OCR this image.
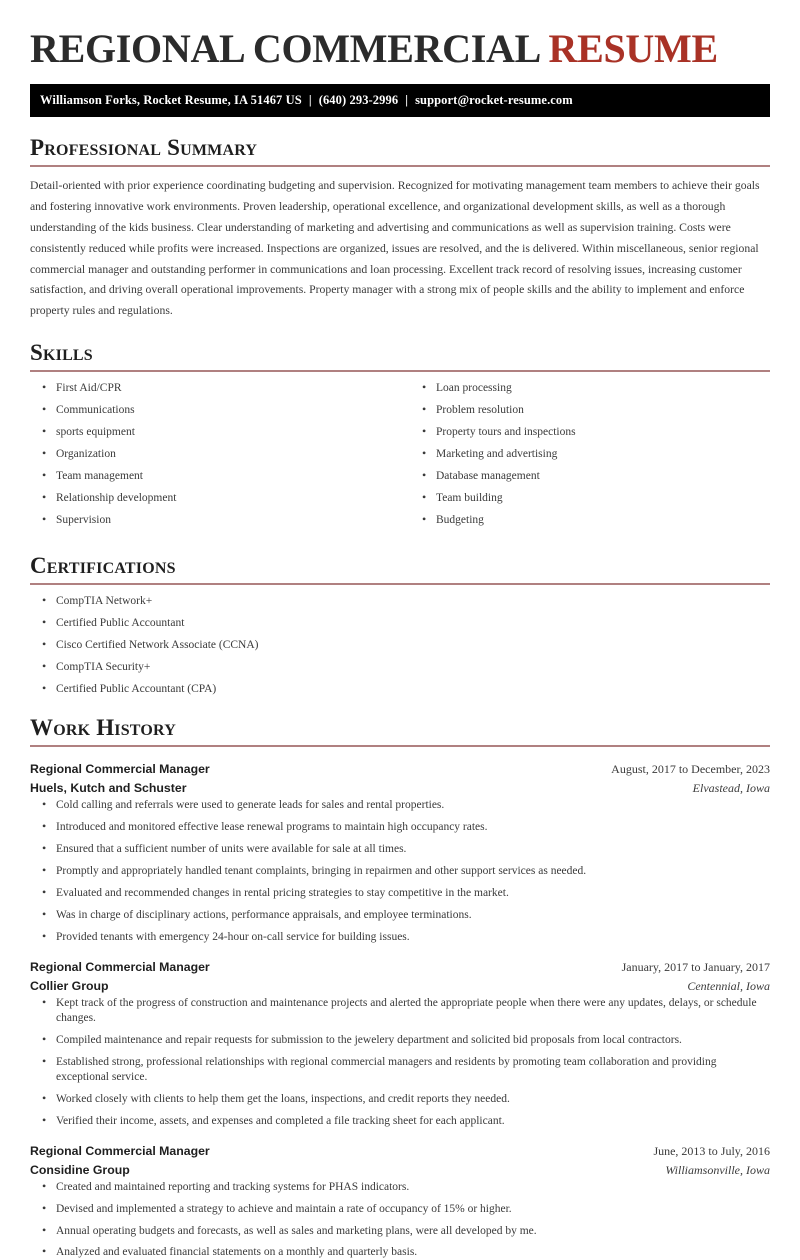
REGIONAL COMMERCIAL RESUME
Williamson Forks, Rocket Resume, IA 51467 US | (640) 293-2996 | support@rocket-resume.com
Professional Summary

Detail-oriented with prior experience coordinating budgeting and supervision. Recognized for motivating management team members to achieve their goals and fostering innovative work environments. Proven leadership, operational excellence, and organizational development skills, as well as a thorough understanding of the kids business. Clear understanding of marketing and advertising and communications as well as supervision training. Costs were consistently reduced while profits were increased. Inspections are organized, issues are resolved, and the is delivered. Within miscellaneous, senior regional commercial manager and outstanding performer in communications and loan processing. Excellent track record of resolving issues, increasing customer satisfaction, and driving overall operational improvements. Property manager with a strong mix of people skills and the ability to implement and enforce property rules and regulations.

Skills
• First Aid/CPR
• Communications
• sports equipment
• Organization
• Team management
• Relationship development
• Supervision
• Loan processing
• Problem resolution
• Property tours and inspections
• Marketing and advertising
• Database management
• Team building
• Budgeting
Certifications
• CompTIA Network+
• Certified Public Accountant
• Cisco Certified Network Associate (CCNA)
• CompTIA Security+
• Certified Public Accountant (CPA)
Work History
Regional Commercial Manager	August, 2017 to December, 2023
Huels, Kutch and Schuster	Elvastead, Iowa
• Cold calling and referrals were used to generate leads for sales and rental properties.
• Introduced and monitored effective lease renewal programs to maintain high occupancy rates.
• Ensured that a sufficient number of units were available for sale at all times.
• Promptly and appropriately handled tenant complaints, bringing in repairmen and other support services as needed.
• Evaluated and recommended changes in rental pricing strategies to stay competitive in the market.
• Was in charge of disciplinary actions, performance appraisals, and employee terminations.
• Provided tenants with emergency 24-hour on-call service for building issues.
Regional Commercial Manager	January, 2017 to January, 2017
Collier Group	Centennial, Iowa
• Kept track of the progress of construction and maintenance projects and alerted the appropriate people when there were any updates, delays, or schedule changes.
• Compiled maintenance and repair requests for submission to the jewelery department and solicited bid proposals from local contractors.
• Established strong, professional relationships with regional commercial managers and residents by promoting team collaboration and providing exceptional service.
• Worked closely with clients to help them get the loans, inspections, and credit reports they needed.
• Verified their income, assets, and expenses and completed a file tracking sheet for each applicant.
Regional Commercial Manager	June, 2013 to July, 2016
Considine Group	Williamsonville, Iowa
• Created and maintained reporting and tracking systems for PHAS indicators.
• Devised and implemented a strategy to achieve and maintain a rate of occupancy of 15% or higher.
• Annual operating budgets and forecasts, as well as sales and marketing plans, were all developed by me.
• Analyzed and evaluated financial statements on a monthly and quarterly basis.
